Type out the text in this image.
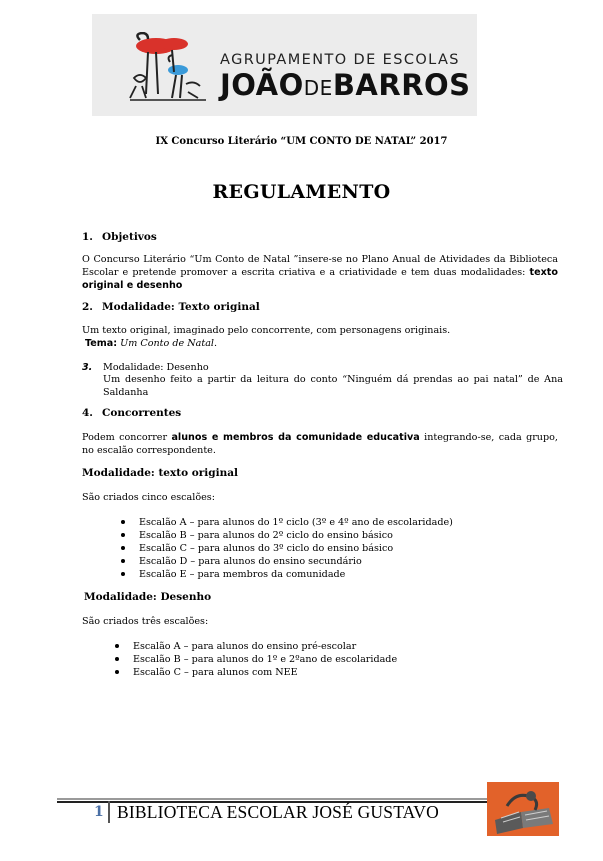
AGRUPAMENTO DE ESCOLAS
JOÃODEBARROS
IX Concurso Literário “UM CONTO DE NATAL” 2017
REGULAMENTO
1. Objetivos
O Concurso Literário “Um Conto de Natal ”insere-se no Plano Anual de Atividades da Biblioteca Escolar e pretende promover a escrita criativa e a criatividade e tem duas modalidades: texto original e desenho
2. Modalidade: Texto original
Um texto original, imaginado pelo concorrente, com personagens originais.
Tema: Um Conto de Natal.
3. Modalidade: Desenho
Um desenho feito a partir da leitura do conto “Ninguém dá prendas ao pai natal” de Ana Saldanha
4. Concorrentes
Podem concorrer alunos e membros da comunidade educativa integrando-se, cada grupo, no escalão correspondente.
Modalidade: texto original
São criados cinco escalões:
Escalão A – para alunos do 1º ciclo (3º e 4º ano de escolaridade)
Escalão B – para alunos do 2º ciclo do ensino básico
Escalão C – para alunos do 3º ciclo do ensino básico
Escalão D – para alunos do ensino secundário
Escalão E – para membros da comunidade
Modalidade: Desenho
São criados três escalões:
Escalão A – para alunos do ensino pré-escolar
Escalão B – para alunos do 1º e 2ºano de escolaridade
Escalão C – para alunos com NEE
1 BIBLIOTECA ESCOLAR JOSÉ GUSTAVO
